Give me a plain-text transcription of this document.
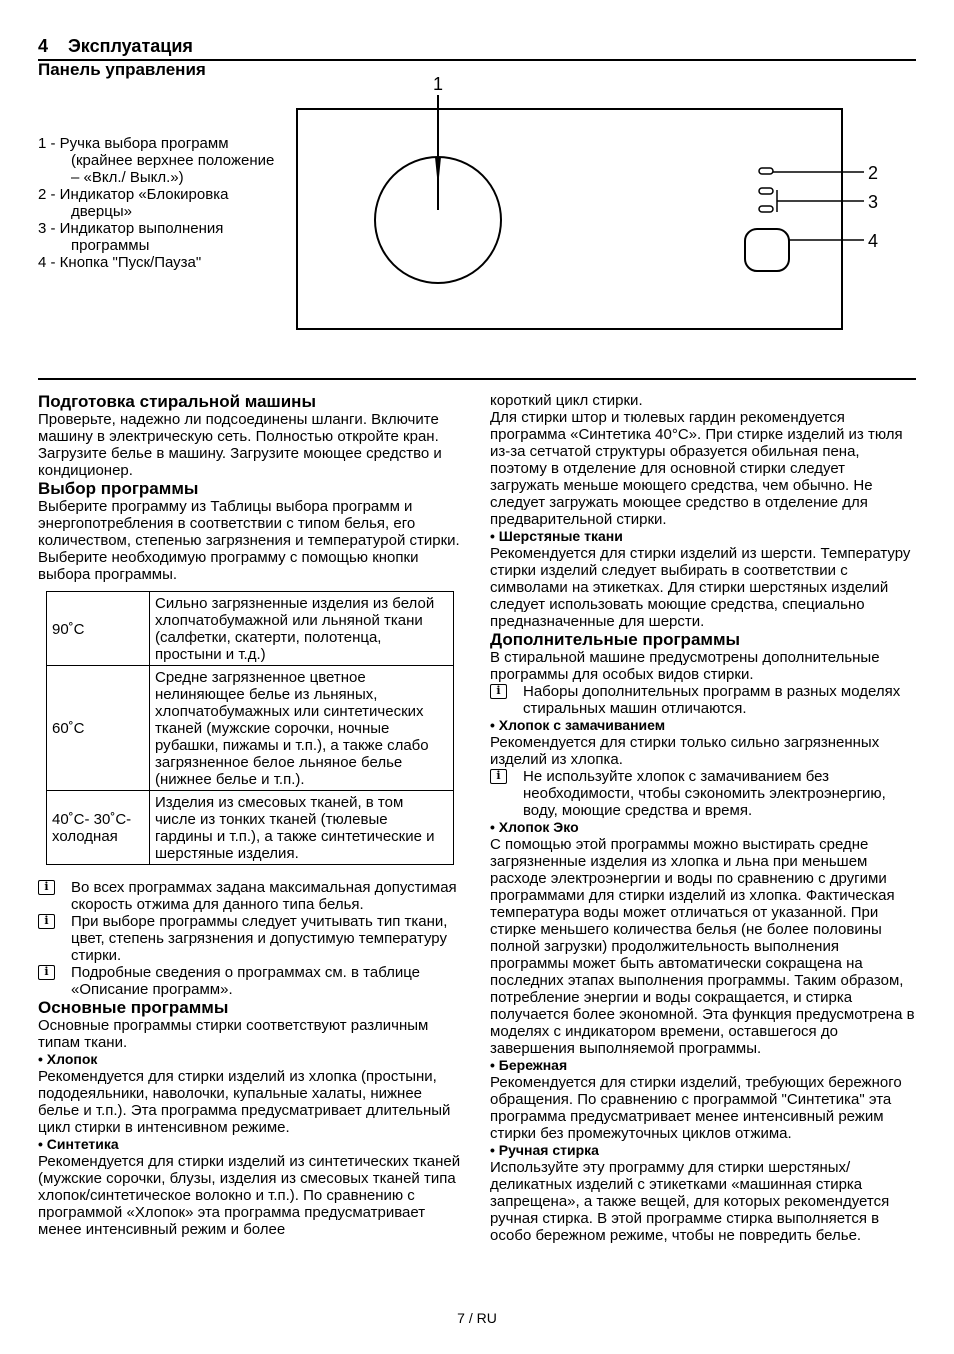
4 Эксплуатация
Панель управления
1 - Ручка выбора программ (крайнее верхнее положение – «Вкл./ Выкл.»)
2 - Индикатор «Блокировка дверцы»
3 - Индикатор выполнения программы
4 - Кнопка "Пуск/Пауза"
1
2
3
4
Подготовка стиральной машины

Проверьте, надежно ли подсоединены шланги. Включите машину в электрическую сеть. Полностью откройте кран. Загрузите белье в машину. Загрузите моющее средство и кондиционер.

Выбор программы

Выберите программу из Таблицы выбора программ и энергопотребления в соответствии с типом белья, его количеством, степенью загрязнения и температурой стирки. Выберите необходимую программу с помощью кнопки выбора программы.

90˚C	Сильно загрязненные изделия из белой хлопчатобумажной или льняной ткани (салфетки, скатерти, полотенца, простыни и т.д.)
60˚C	Средне загрязненное цветное нелиняющее белье из льняных, хлопчатобумажных или синтетических тканей (мужские сорочки, ночные рубашки, пижамы и т.п.), а также слабо загрязненное белое льняное белье (нижнее белье и т.п.).
40˚C- 30˚C- холодная	Изделия из смесовых тканей, в том числе из тонких тканей (тюлевые гардины и т.п.), а также синтетические и шерстяные изделия.
i	Во всех программах задана максимальная допустимая скорость отжима для данного типа белья.
i	При выборе программы следует учитывать тип ткани, цвет, степень загрязнения и допустимую температуру стирки.
i	Подробные сведения о программах см. в таблице «Описание программ».
Основные программы

Основные программы стирки соответствуют различным типам ткани.

• Хлопок

Рекомендуется для стирки изделий из хлопка (простыни, пододеяльники, наволочки, купальные халаты, нижнее белье и т.п.). Эта программа предусматривает длительный цикл стирки в интенсивном режиме.

• Синтетика

Рекомендуется для стирки изделий из синтетических тканей (мужские сорочки, блузы, изделия из смесовых тканей типа хлопок/синтетическое волокно и т.п.). По сравнению с программой «Хлопок» эта программа предусматривает менее интенсивный режим и более

короткий цикл стирки.

Для стирки штор и тюлевых гардин рекомендуется программа «Синтетика 40°C». При стирке изделий из тюля из-за сетчатой структуры образуется обильная пена, поэтому в отделение для основной стирки следует загружать меньше моющего средства, чем обычно. Не следует загружать моющее средство в отделение для предварительной стирки.

• Шерстяные ткани

Рекомендуется для стирки изделий из шерсти. Температуру стирки изделий следует выбирать в соответствии с символами на этикетках. Для стирки шерстяных изделий следует использовать моющие средства, специально предназначенные для шерсти.

Дополнительные программы

В стиральной машине предусмотрены дополнительные программы для особых видов стирки.

i	Наборы дополнительных программ в разных моделях стиральных машин отличаются.
• Хлопок с замачиванием

Рекомендуется для стирки только сильно загрязненных изделий из хлопка.

i	Не используйте хлопок с замачиванием без необходимости, чтобы сэкономить электроэнергию, воду, моющие средства и время.
• Хлопок Эко

С помощью этой программы можно выстирать средне загрязненные изделия из хлопка и льна при меньшем расходе электроэнергии и воды по сравнению с другими программами для стирки изделий из хлопка. Фактическая температура воды может отличаться от указанной. При стирке меньшего количества белья (не более половины полной загрузки) продолжительность выполнения программы может быть автоматически сокращена на последних этапах выполнения программы. Таким образом, потребление энергии и воды сокращается, и стирка получается более экономной. Эта функция предусмотрена в моделях с индикатором времени, оставшегося до завершения выполняемой программы.

• Бережная

Рекомендуется для стирки изделий, требующих бережного обращения. По сравнению с программой "Синтетика" эта программа предусматривает менее интенсивный режим стирки без промежуточных циклов отжима.

• Ручная стирка

Используйте эту программу для стирки шерстяных/ деликатных изделий с этикетками «машинная стирка запрещена», а также вещей, для которых рекомендуется ручная стирка. В этой программе стирка выполняется в особо бережном режиме, чтобы не повредить белье.

7 / RU
